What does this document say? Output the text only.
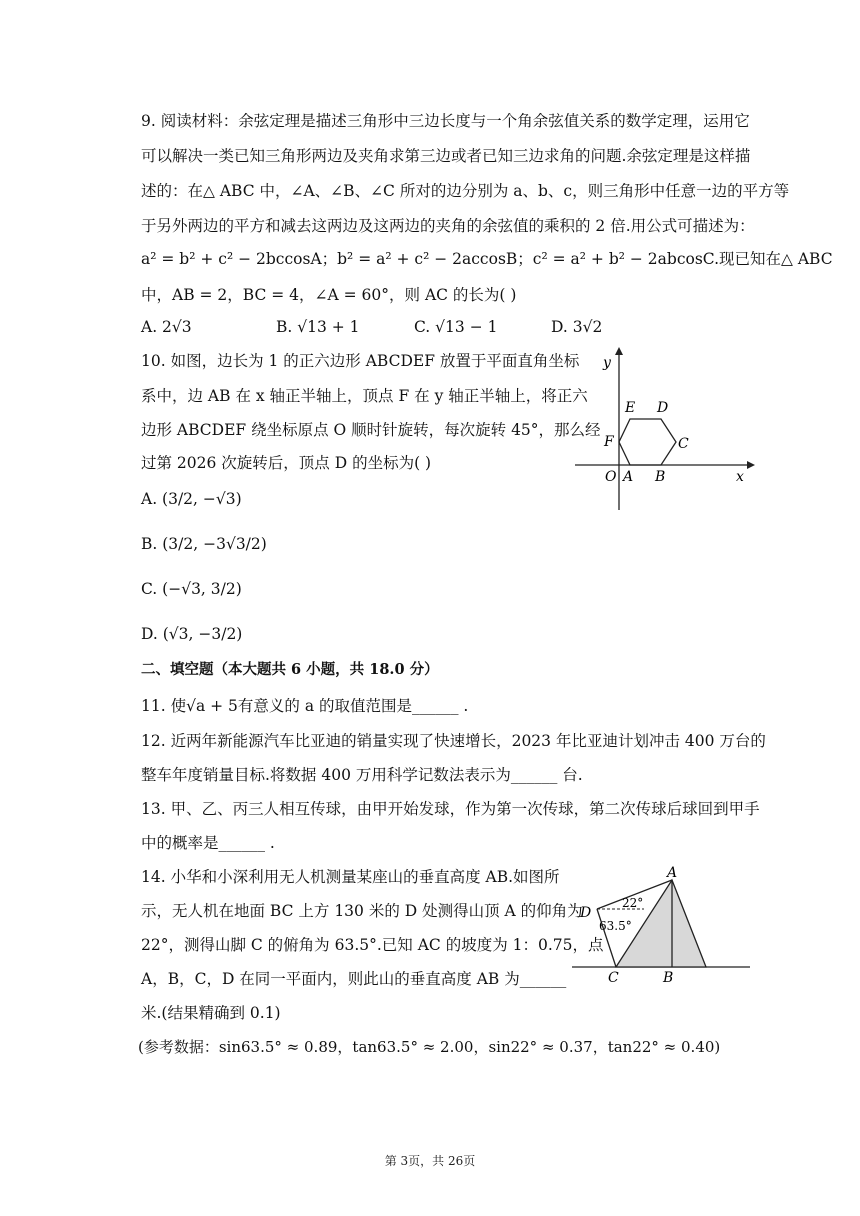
9. 阅读材料：余弦定理是描述三角形中三边长度与一个角余弦值关系的数学定理，运用它
可以解决一类已知三角形两边及夹角求第三边或者已知三边求角的问题.余弦定理是这样描
述的：在△ ABC 中，∠A、∠B、∠C 所对的边分别为 a、b、c，则三角形中任意一边的平方等
于另外两边的平方和减去这两边及这两边的夹角的余弦值的乘积的 2 倍.用公式可描述为：
a² = b² + c² − 2bccosA；b² = a² + c² − 2accosB；c² = a² + b² − 2abcosC.现已知在△ ABC
中，AB = 2，BC = 4，∠A = 60°，则 AC 的长为( )
A. 2√3	B. √13 + 1	C. √13 − 1	D. 3√2
10. 如图，边长为 1 的正六边形 ABCDEF 放置于平面直角坐标
系中，边 AB 在 x 轴正半轴上，顶点 F 在 y 轴正半轴上，将正六
边形 ABCDEF 绕坐标原点 O 顺时针旋转，每次旋转 45°，那么经
过第 2026 次旋转后，顶点 D 的坐标为( )
y
x
O A B
C
D
E
F
A. (3/2, −√3)
B. (3/2, −3√3/2)
C. (−√3, 3/2)
D. (√3, −3/2)
二、填空题（本大题共 6 小题，共 18.0 分）
11. 使√a + 5有意义的 a 的取值范围是______ .
12. 近两年新能源汽车比亚迪的销量实现了快速增长，2023 年比亚迪计划冲击 400 万台的
整车年度销量目标.将数据 400 万用科学记数法表示为______ 台.
13. 甲、乙、丙三人相互传球，由甲开始发球，作为第一次传球，第二次传球后球回到甲手
中的概率是______ .
14. 小华和小深利用无人机测量某座山的垂直高度 AB.如图所
示，无人机在地面 BC 上方 130 米的 D 处测得山顶 A 的仰角为
22°，测得山脚 C 的俯角为 63.5°.已知 AC 的坡度为 1：0.75，点
A，B，C，D 在同一平面内，则此山的垂直高度 AB 为______
米.(结果精确到 0.1)
(参考数据：sin63.5° ≈ 0.89，tan63.5° ≈ 2.00，sin22° ≈ 0.37，tan22° ≈ 0.40)
A
B
C
D
22°
63.5°
第 3页，共 26页
